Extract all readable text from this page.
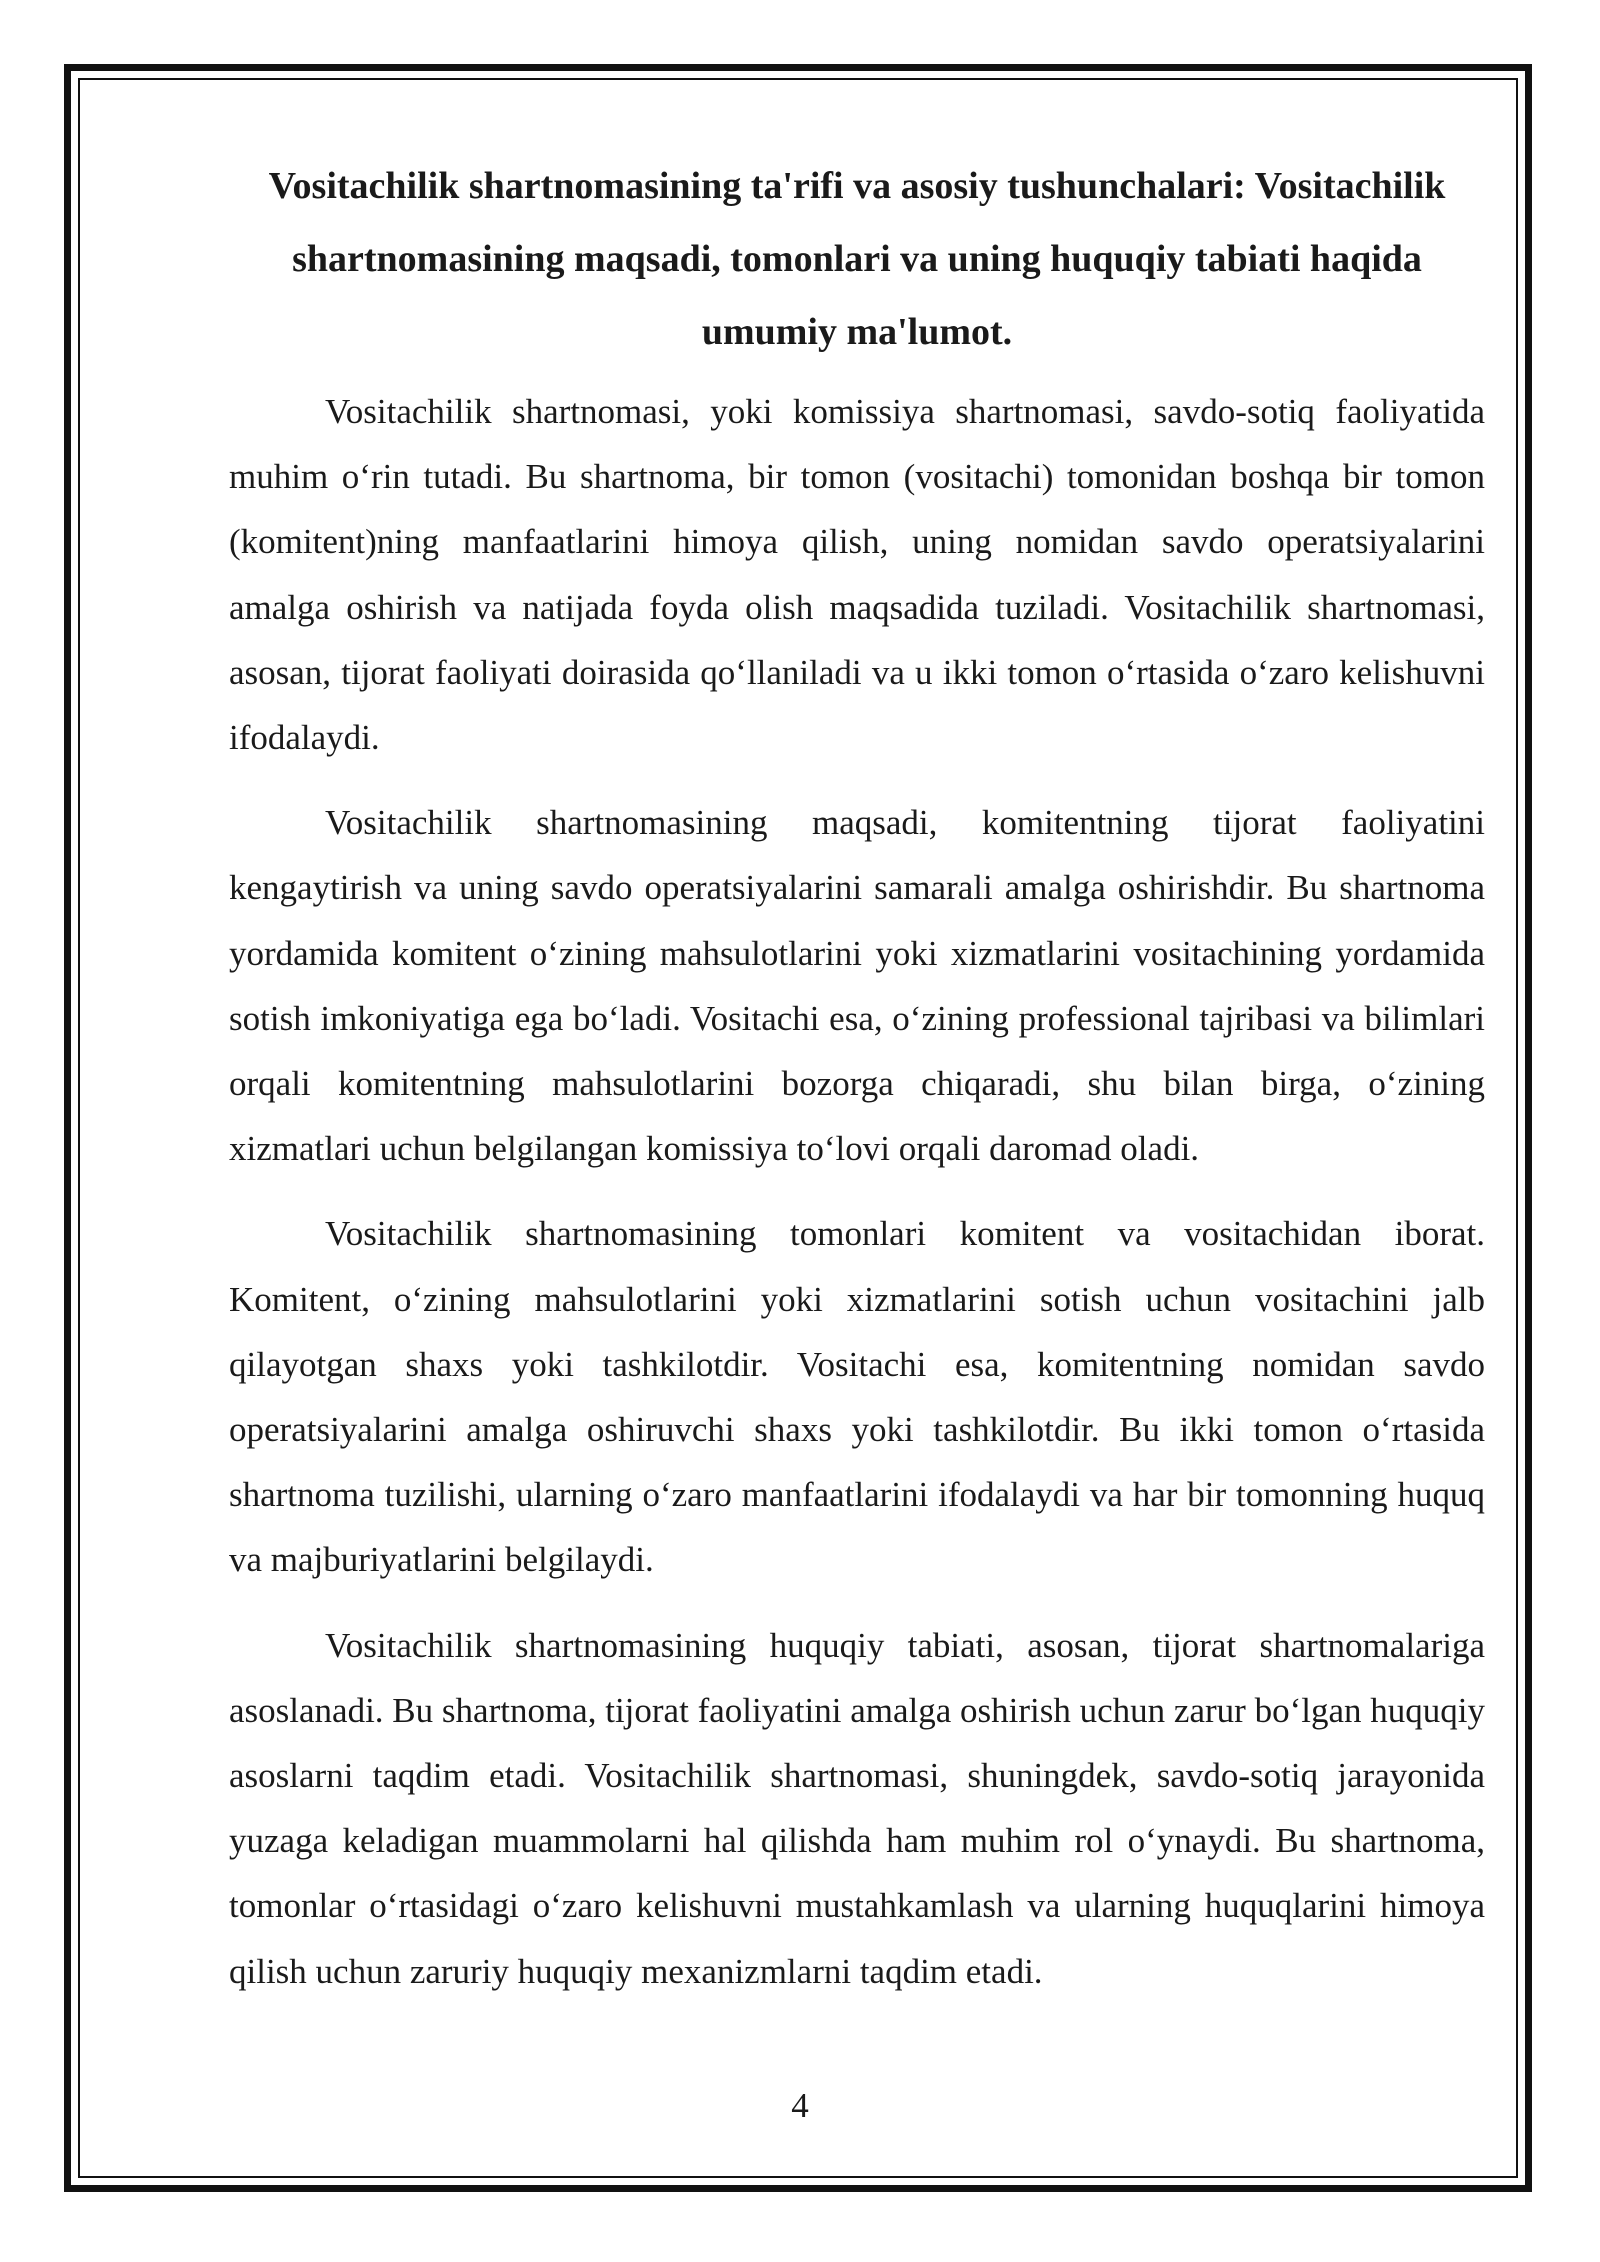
Vositachilik shartnomasining ta'rifi va asosiy tushunchalari: Vositachilik shartnomasining maqsadi, tomonlari va uning huquqiy tabiati haqida umumiy ma'lumot.

Vositachilik shartnomasi, yoki komissiya shartnomasi, savdo-sotiq faoliyatida muhim o‘rin tutadi. Bu shartnoma, bir tomon (vositachi) tomonidan boshqa bir tomon (komitent)ning manfaatlarini himoya qilish, uning nomidan savdo operatsiyalarini amalga oshirish va natijada foyda olish maqsadida tuziladi. Vositachilik shartnomasi, asosan, tijorat faoliyati doirasida qo‘llaniladi va u ikki tomon o‘rtasida o‘zaro kelishuvni ifodalaydi.

Vositachilik shartnomasining maqsadi, komitentning tijorat faoliyatini kengaytirish va uning savdo operatsiyalarini samarali amalga oshirishdir. Bu shartnoma yordamida komitent o‘zining mahsulotlarini yoki xizmatlarini vositachining yordamida sotish imkoniyatiga ega bo‘ladi. Vositachi esa, o‘zining professional tajribasi va bilimlari orqali komitentning mahsulotlarini bozorga chiqaradi, shu bilan birga, o‘zining xizmatlari uchun belgilangan komissiya to‘lovi orqali daromad oladi.

Vositachilik shartnomasining tomonlari komitent va vositachidan iborat. Komitent, o‘zining mahsulotlarini yoki xizmatlarini sotish uchun vositachini jalb qilayotgan shaxs yoki tashkilotdir. Vositachi esa, komitentning nomidan savdo operatsiyalarini amalga oshiruvchi shaxs yoki tashkilotdir. Bu ikki tomon o‘rtasida shartnoma tuzilishi, ularning o‘zaro manfaatlarini ifodalaydi va har bir tomonning huquq va majburiyatlarini belgilaydi.

Vositachilik shartnomasining huquqiy tabiati, asosan, tijorat shartnomalariga asoslanadi. Bu shartnoma, tijorat faoliyatini amalga oshirish uchun zarur bo‘lgan huquqiy asoslarni taqdim etadi. Vositachilik shartnomasi, shuningdek, savdo-sotiq jarayonida yuzaga keladigan muammolarni hal qilishda ham muhim rol o‘ynaydi. Bu shartnoma, tomonlar o‘rtasidagi o‘zaro kelishuvni mustahkamlash va ularning huquqlarini himoya qilish uchun zaruriy huquqiy mexanizmlarni taqdim etadi.

4
